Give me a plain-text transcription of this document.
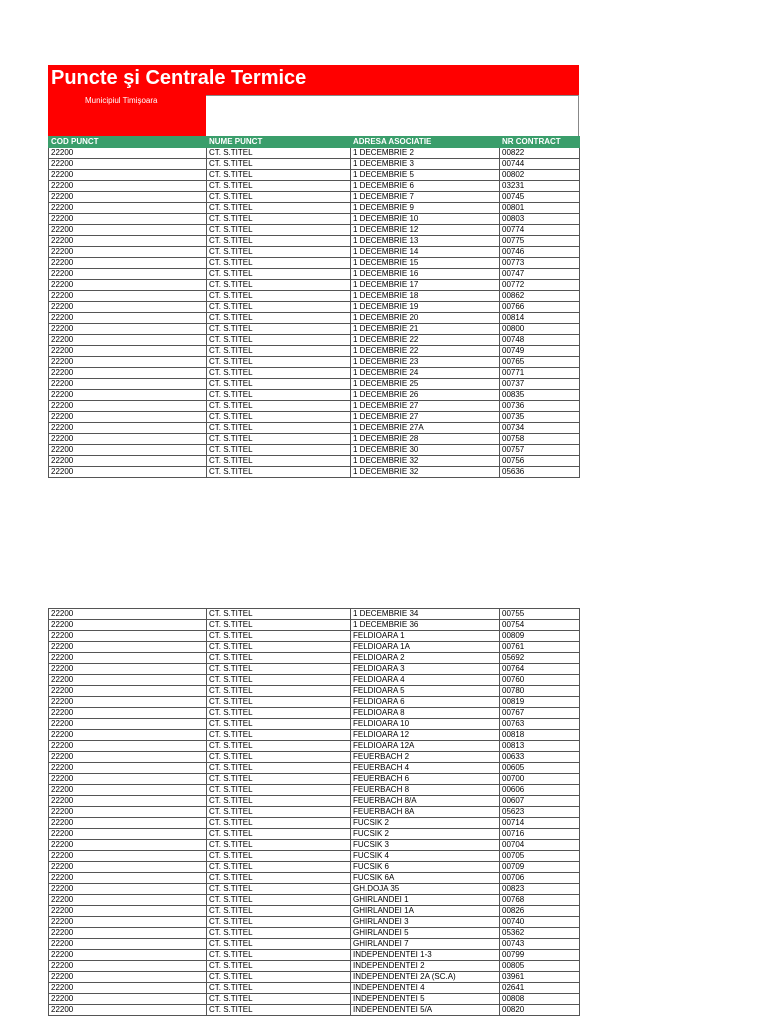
Puncte şi Centrale Termice
Municipiul Timişoara
COD PUNCT	NUME PUNCT	ADRESA ASOCIATIE	NR CONTRACT
22200	CT. S.TITEL	1 DECEMBRIE 2	00822
22200	CT. S.TITEL	1 DECEMBRIE 3	00744
22200	CT. S.TITEL	1 DECEMBRIE 5	00802
22200	CT. S.TITEL	1 DECEMBRIE 6	03231
22200	CT. S.TITEL	1 DECEMBRIE 7	00745
22200	CT. S.TITEL	1 DECEMBRIE 9	00801
22200	CT. S.TITEL	1 DECEMBRIE 10	00803
22200	CT. S.TITEL	1 DECEMBRIE 12	00774
22200	CT. S.TITEL	1 DECEMBRIE 13	00775
22200	CT. S.TITEL	1 DECEMBRIE 14	00746
22200	CT. S.TITEL	1 DECEMBRIE 15	00773
22200	CT. S.TITEL	1 DECEMBRIE 16	00747
22200	CT. S.TITEL	1 DECEMBRIE 17	00772
22200	CT. S.TITEL	1 DECEMBRIE 18	00862
22200	CT. S.TITEL	1 DECEMBRIE 19	00766
22200	CT. S.TITEL	1 DECEMBRIE 20	00814
22200	CT. S.TITEL	1 DECEMBRIE 21	00800
22200	CT. S.TITEL	1 DECEMBRIE 22	00748
22200	CT. S.TITEL	1 DECEMBRIE 22	00749
22200	CT. S.TITEL	1 DECEMBRIE 23	00765
22200	CT. S.TITEL	1 DECEMBRIE 24	00771
22200	CT. S.TITEL	1 DECEMBRIE 25	00737
22200	CT. S.TITEL	1 DECEMBRIE 26	00835
22200	CT. S.TITEL	1 DECEMBRIE 27	00736
22200	CT. S.TITEL	1 DECEMBRIE 27	00735
22200	CT. S.TITEL	1 DECEMBRIE 27A	00734
22200	CT. S.TITEL	1 DECEMBRIE 28	00758
22200	CT. S.TITEL	1 DECEMBRIE 30	00757
22200	CT. S.TITEL	1 DECEMBRIE 32	00756
22200	CT. S.TITEL	1 DECEMBRIE 32	05636
22200	CT. S.TITEL	1 DECEMBRIE 34	00755
22200	CT. S.TITEL	1 DECEMBRIE 36	00754
22200	CT. S.TITEL	FELDIOARA 1	00809
22200	CT. S.TITEL	FELDIOARA 1A	00761
22200	CT. S.TITEL	FELDIOARA 2	05692
22200	CT. S.TITEL	FELDIOARA 3	00764
22200	CT. S.TITEL	FELDIOARA 4	00760
22200	CT. S.TITEL	FELDIOARA 5	00780
22200	CT. S.TITEL	FELDIOARA 6	00819
22200	CT. S.TITEL	FELDIOARA 8	00767
22200	CT. S.TITEL	FELDIOARA 10	00763
22200	CT. S.TITEL	FELDIOARA 12	00818
22200	CT. S.TITEL	FELDIOARA 12A	00813
22200	CT. S.TITEL	FEUERBACH 2	00633
22200	CT. S.TITEL	FEUERBACH 4	00605
22200	CT. S.TITEL	FEUERBACH 6	00700
22200	CT. S.TITEL	FEUERBACH 8	00606
22200	CT. S.TITEL	FEUERBACH 8/A	00607
22200	CT. S.TITEL	FEUERBACH 8A	05623
22200	CT. S.TITEL	FUCSIK 2	00714
22200	CT. S.TITEL	FUCSIK 2	00716
22200	CT. S.TITEL	FUCSIK 3	00704
22200	CT. S.TITEL	FUCSIK 4	00705
22200	CT. S.TITEL	FUCSIK 6	00709
22200	CT. S.TITEL	FUCSIK 6A	00706
22200	CT. S.TITEL	GH.DOJA 35	00823
22200	CT. S.TITEL	GHIRLANDEI 1	00768
22200	CT. S.TITEL	GHIRLANDEI 1A	00826
22200	CT. S.TITEL	GHIRLANDEI 3	00740
22200	CT. S.TITEL	GHIRLANDEI 5	05362
22200	CT. S.TITEL	GHIRLANDEI 7	00743
22200	CT. S.TITEL	INDEPENDENTEI 1-3	00799
22200	CT. S.TITEL	INDEPENDENTEI 2	00805
22200	CT. S.TITEL	INDEPENDENTEI 2A (SC.A)	03961
22200	CT. S.TITEL	INDEPENDENTEI 4	02641
22200	CT. S.TITEL	INDEPENDENTEI 5	00808
22200	CT. S.TITEL	INDEPENDENTEI 5/A	00820
